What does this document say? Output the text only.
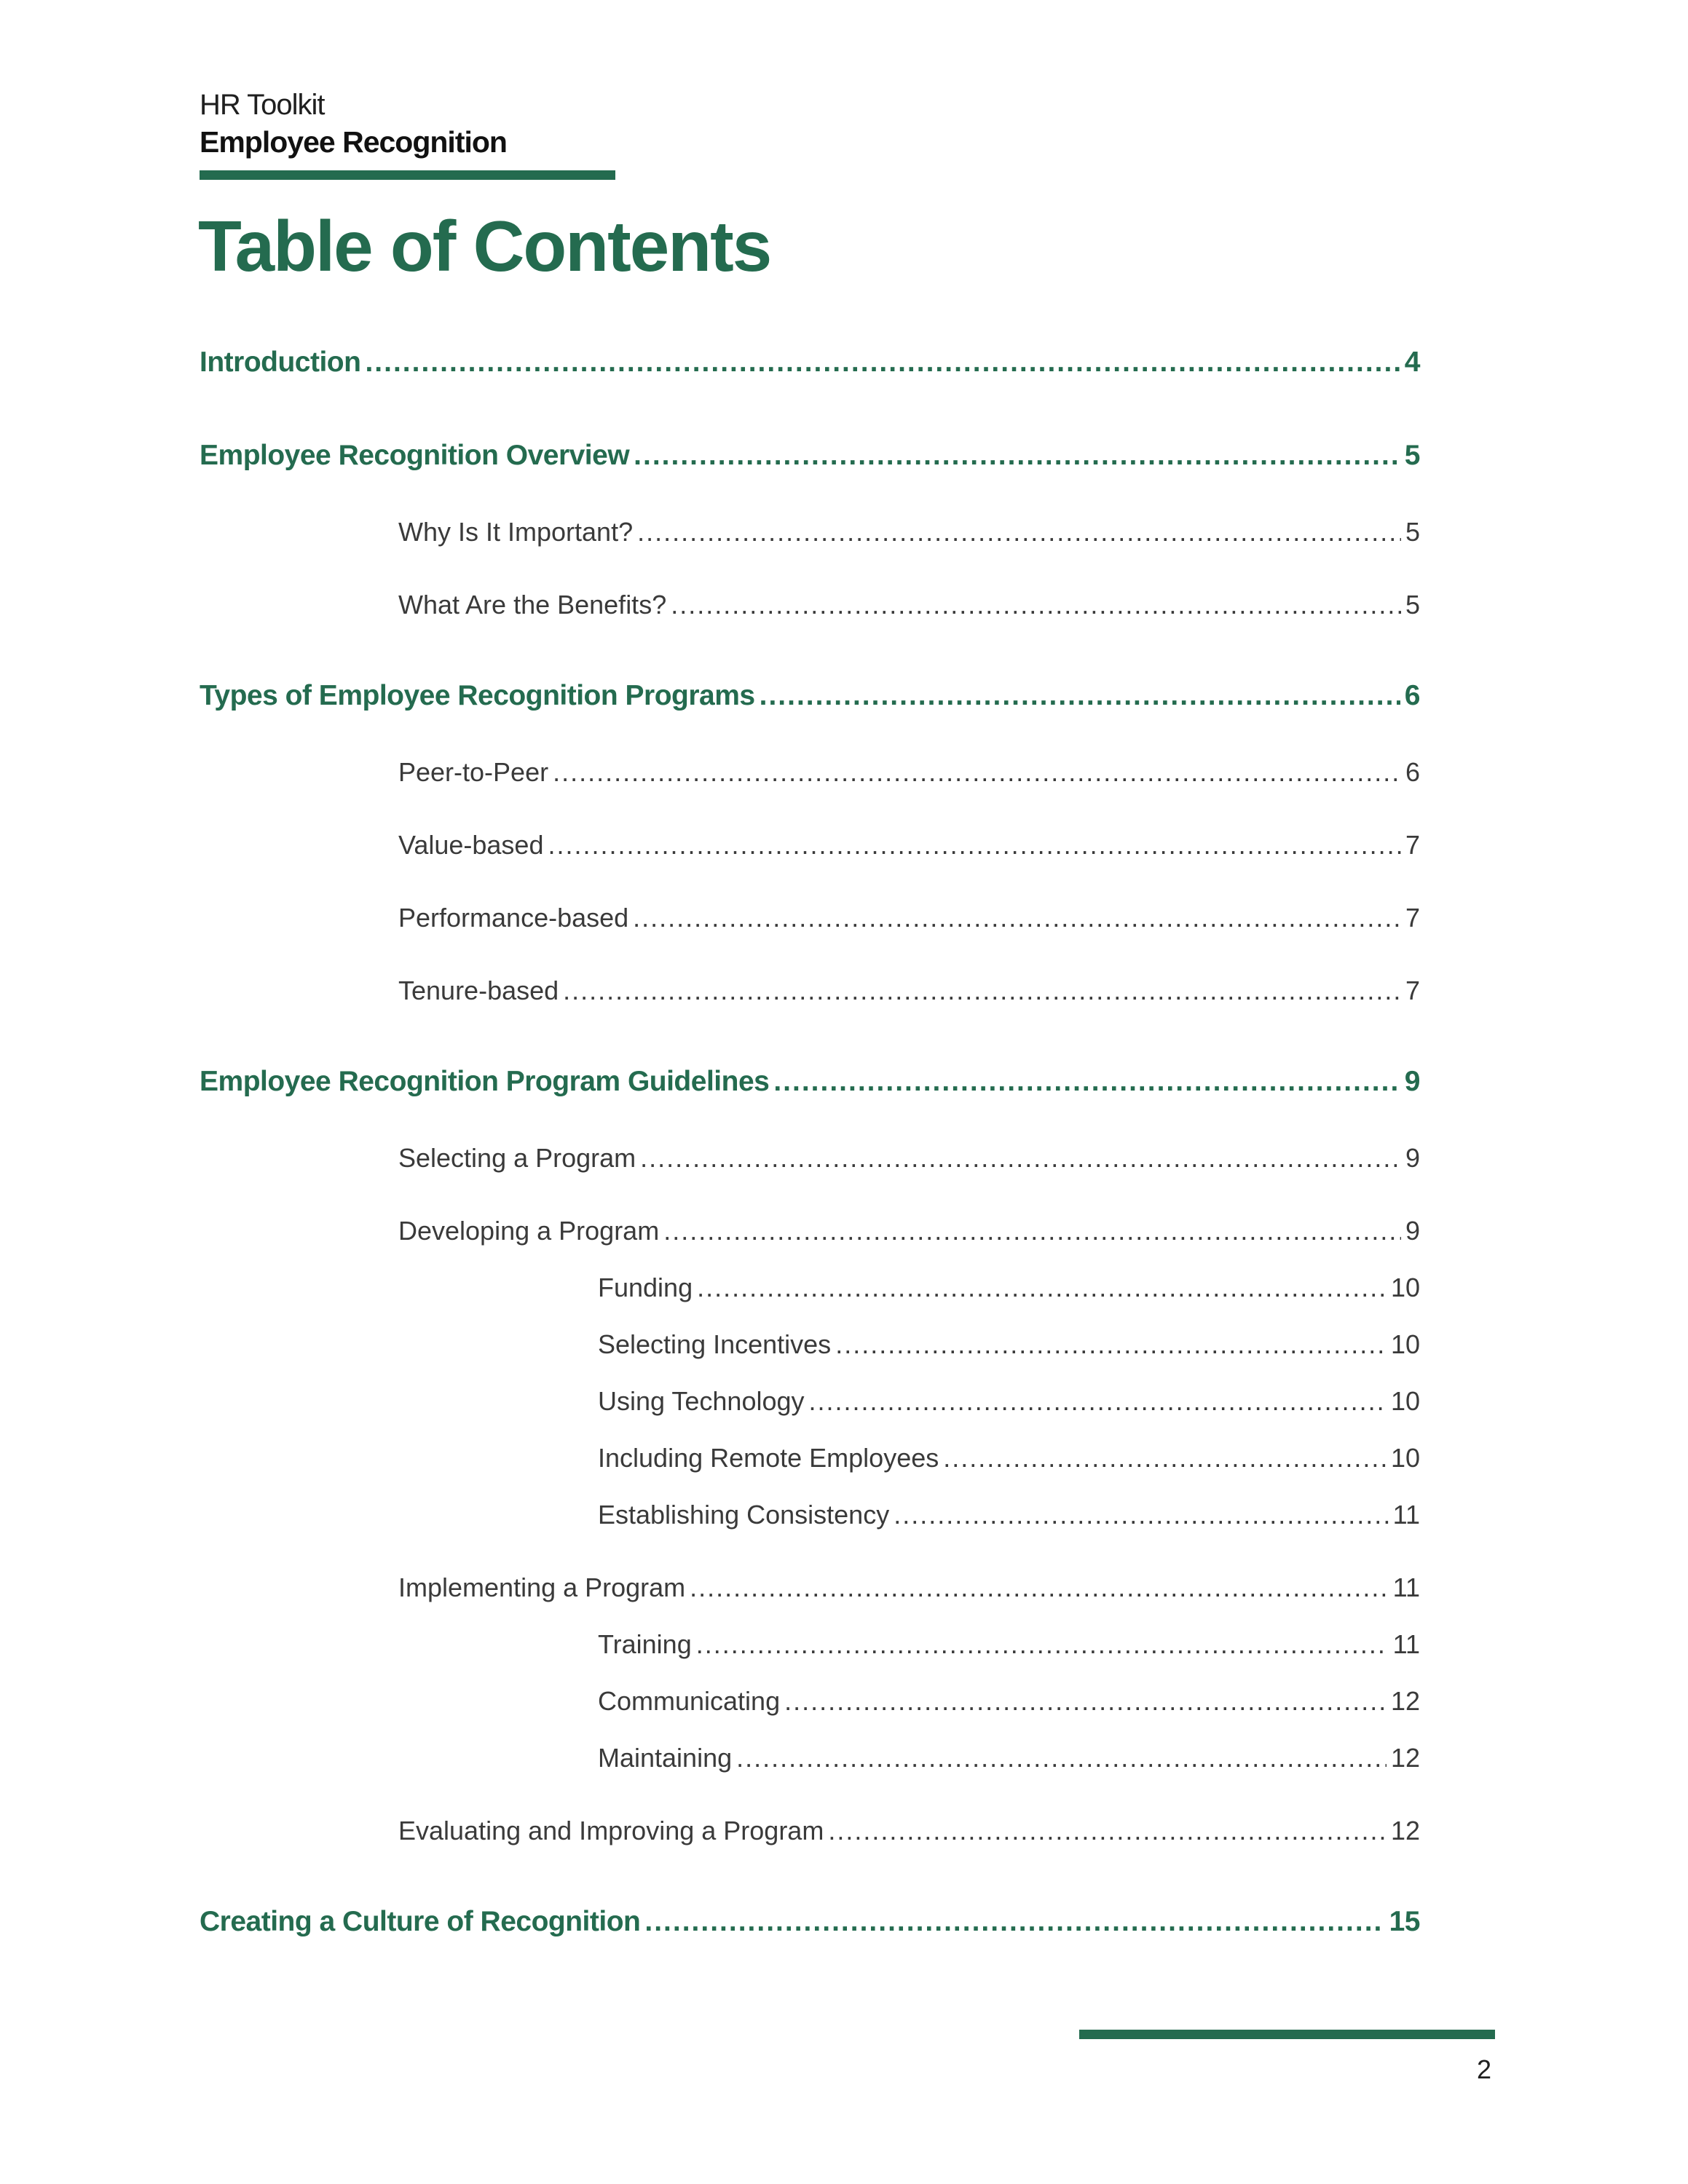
HR Toolkit
Employee Recognition
Table of Contents
Introduction .....	4
Employee Recognition Overview .....	5
Why Is It Important? .....	5
What Are the Benefits? .....	5
Types of Employee Recognition Programs .....	6
Peer-to-Peer .....	6
Value-based .....	7
Performance-based .....	7
Tenure-based .....	7
Employee Recognition Program Guidelines .....	9
Selecting a Program .....	9
Developing a Program .....	9
Funding .....	10
Selecting Incentives .....	10
Using Technology .....	10
Including Remote Employees .....	10
Establishing Consistency .....	11
Implementing a Program .....	11
Training .....	11
Communicating .....	12
Maintaining .....	12
Evaluating and Improving a Program .....	12
Creating a Culture of Recognition .....	15
2
